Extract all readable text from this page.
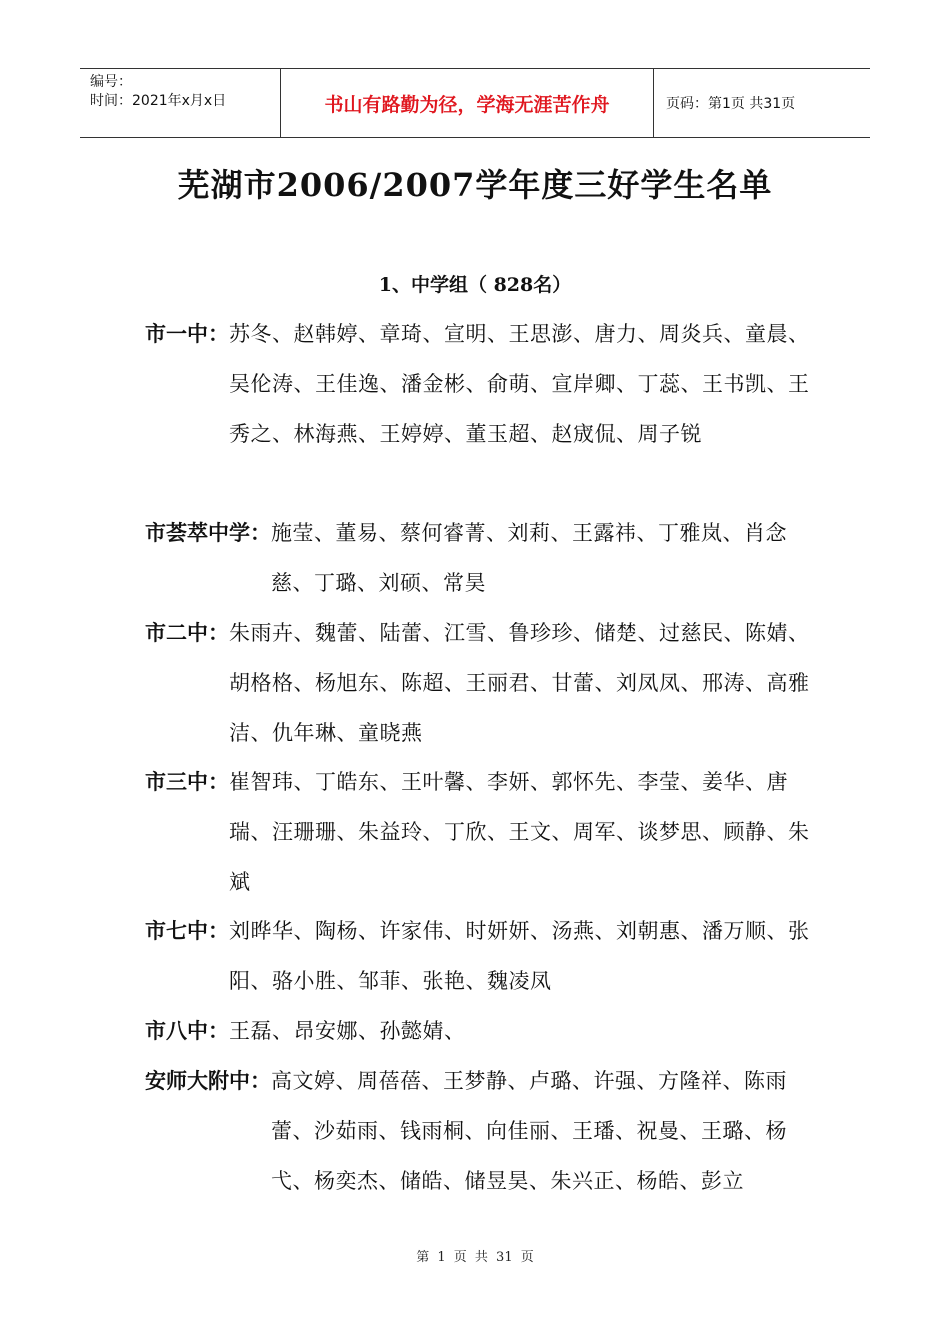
编号：
时间：2021年x月x日	书山有路勤为径，学海无涯苦作舟	页码：第1页 共31页
芜湖市2006/2007学年度三好学生名单
1、中学组（ 828名）
市一中： 苏冬、赵韩婷、章琦、宣明、王思澎、唐力、周炎兵、童晨、吴伦涛、王佳逸、潘金彬、俞萌、宣岸卿、丁蕊、王书凯、王秀之、林海燕、王婷婷、董玉超、赵宬侃、周子锐
市荟萃中学： 施莹、董易、蔡何睿菁、刘莉、王露祎、丁雅岚、肖念慈、丁璐、刘硕、常昊
市二中： 朱雨卉、魏蕾、陆蕾、江雪、鲁珍珍、储楚、过慈民、陈婧、胡格格、杨旭东、陈超、王丽君、甘蕾、刘凤凤、邢涛、高雅洁、仇年琳、童晓燕
市三中： 崔智玮、丁皓东、王叶馨、李妍、郭怀先、李莹、姜华、唐瑞、汪珊珊、朱益玲、丁欣、王文、周军、谈梦思、顾静、朱斌
市七中： 刘晔华、陶杨、许家伟、时妍妍、汤燕、刘朝惠、潘万顺、张阳、骆小胜、邹菲、张艳、魏凌凤
市八中： 王磊、昂安娜、孙懿婧、
安师大附中： 高文婷、周蓓蓓、王梦静、卢璐、许强、方隆祥、陈雨蕾、沙茹雨、钱雨桐、向佳丽、王璠、祝曼、王璐、杨弋、杨奕杰、储皓、储昱昊、朱兴正、杨皓、彭立
第 1 页 共 31 页
